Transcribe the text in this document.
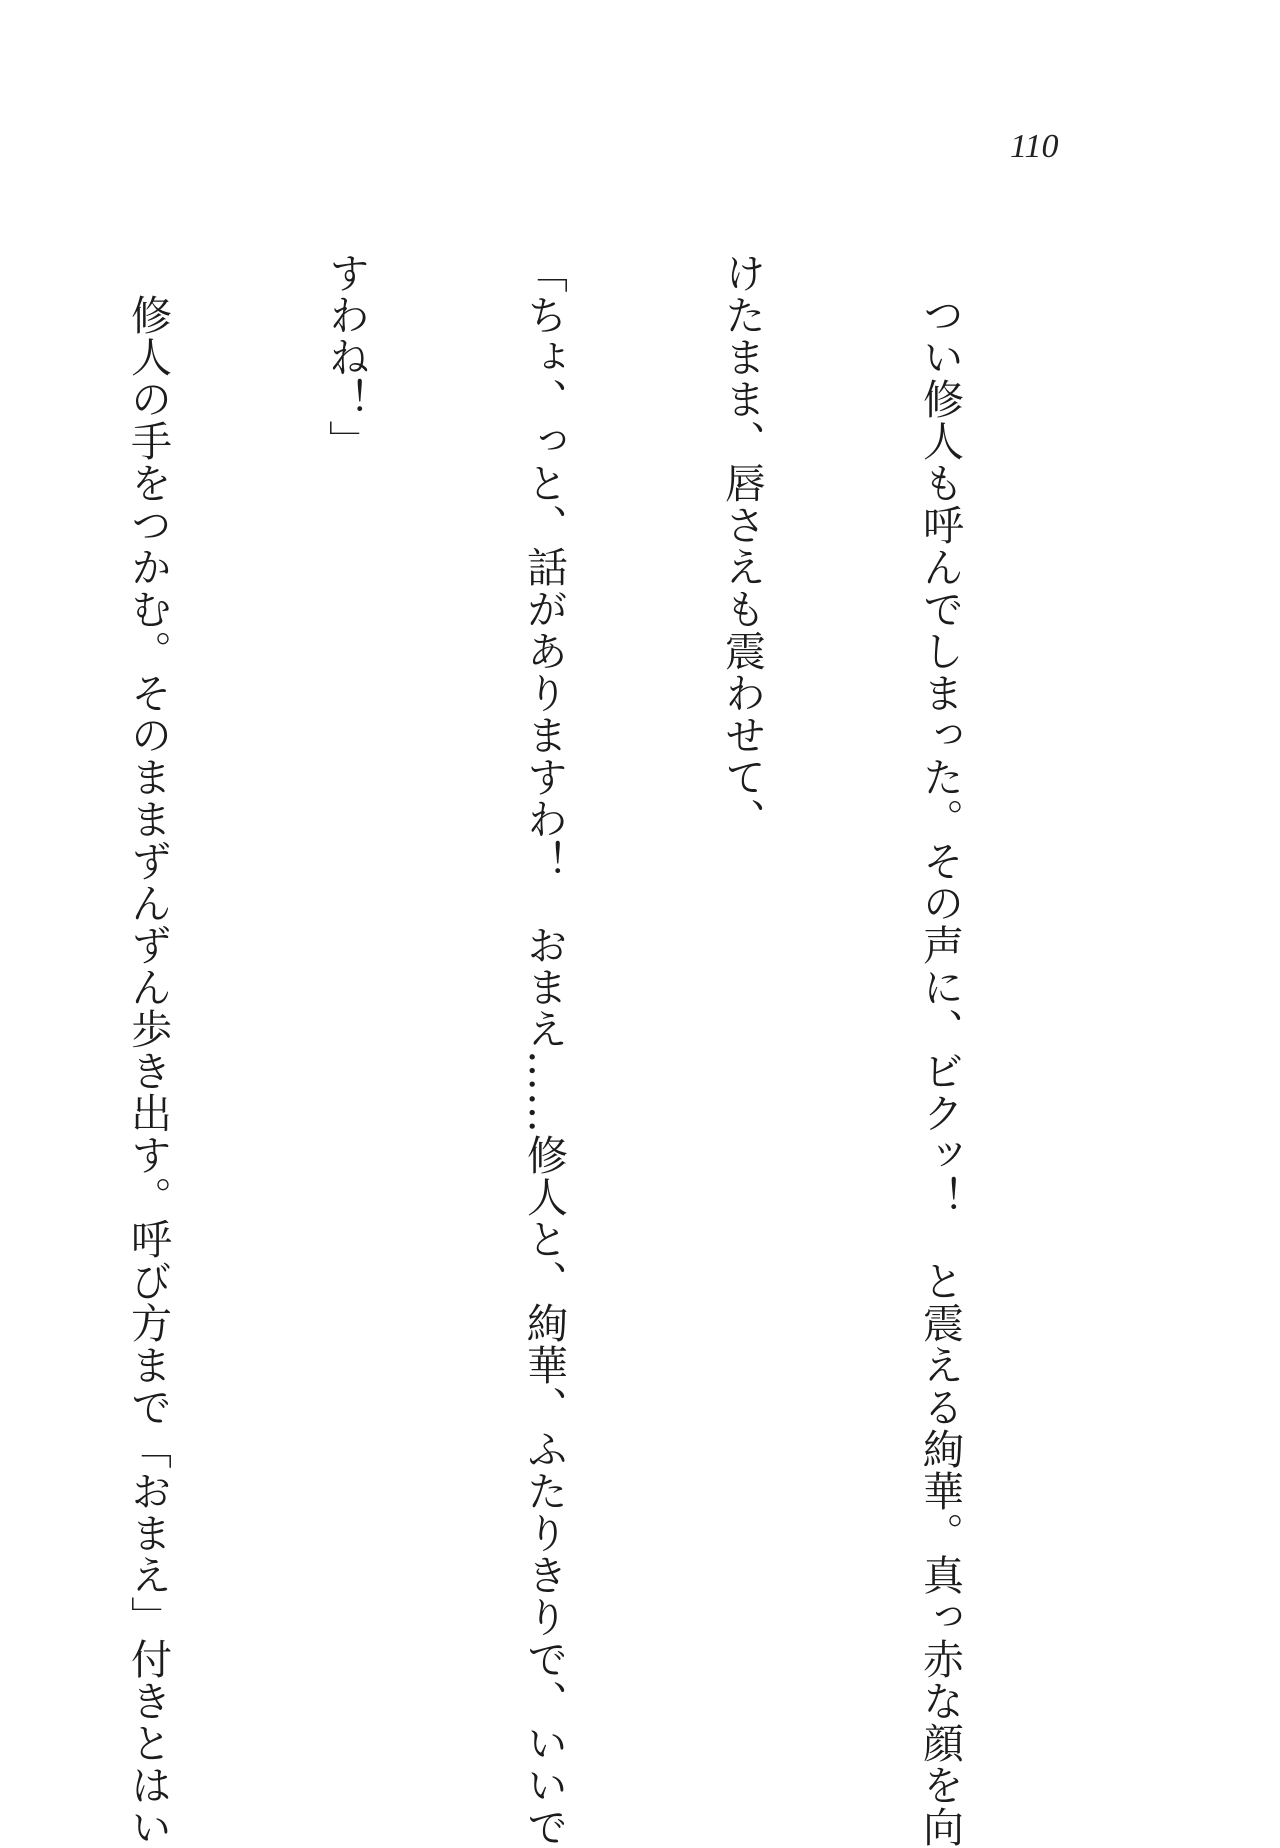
110

　つい修人も呼んでしまった。その声に、ビクッ！　と震える絢華。真っ赤な顔を向

けたまま、唇さえも震わせて、

「ちょ、っと、話がありますわ！　おまえ……修人と、絢華、ふたりきりで、いいで

すわね！」

　修人の手をつかむ。そのままずんずん歩き出す。呼び方まで「おまえ」付きとはい
